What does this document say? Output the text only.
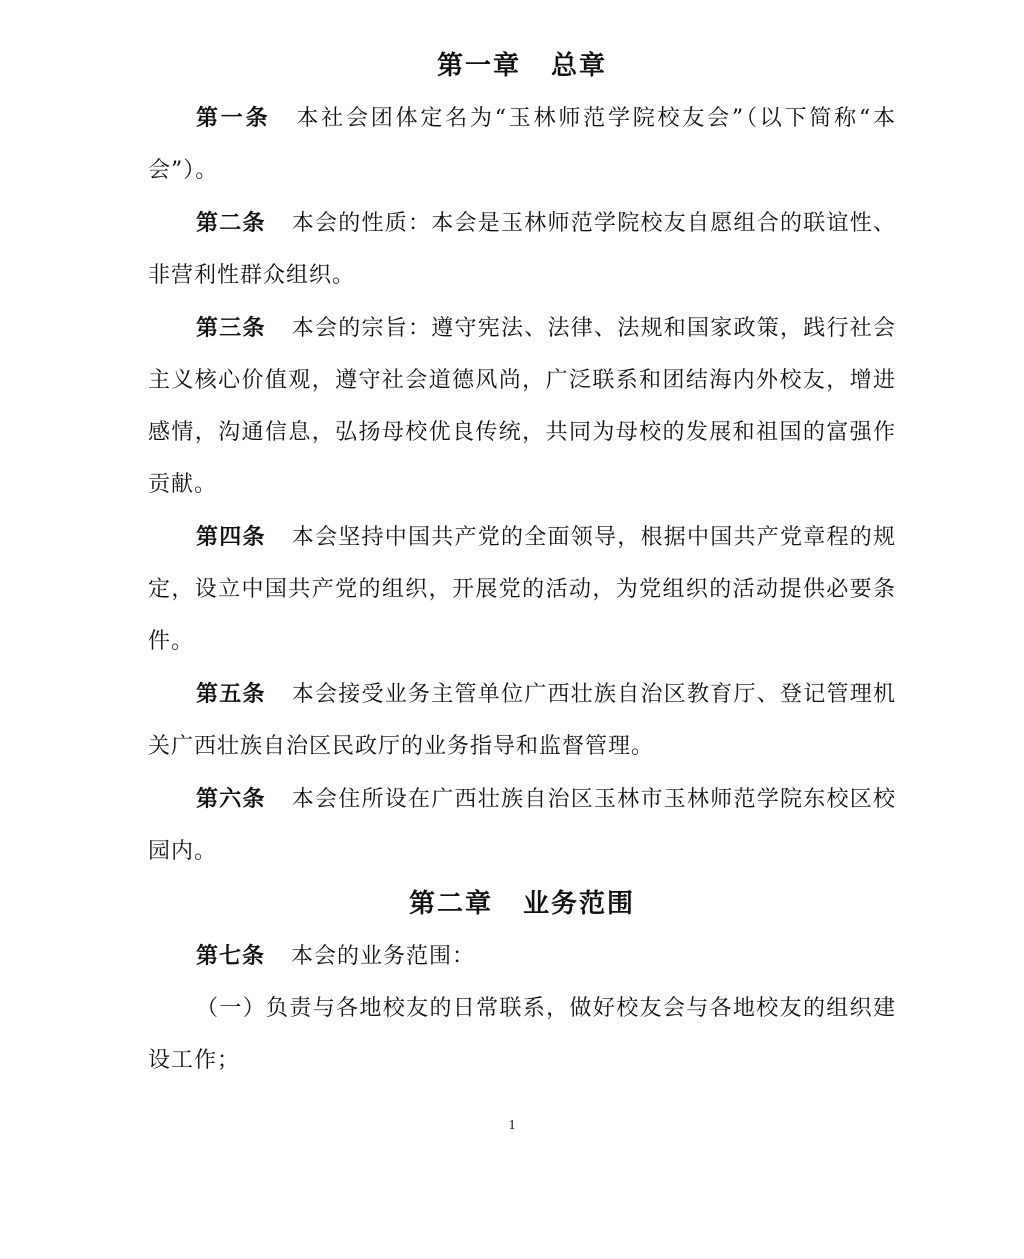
第一章 总章

第一条 本社会团体定名为“玉林师范学院校友会”（以下简称“本会”）。

第二条 本会的性质：本会是玉林师范学院校友自愿组合的联谊性、非营利性群众组织。

第三条 本会的宗旨：遵守宪法、法律、法规和国家政策，践行社会主义核心价值观，遵守社会道德风尚，广泛联系和团结海内外校友，增进感情，沟通信息，弘扬母校优良传统，共同为母校的发展和祖国的富强作贡献。

第四条 本会坚持中国共产党的全面领导，根据中国共产党章程的规定，设立中国共产党的组织，开展党的活动，为党组织的活动提供必要条件。

第五条 本会接受业务主管单位广西壮族自治区教育厅、登记管理机关广西壮族自治区民政厅的业务指导和监督管理。

第六条 本会住所设在广西壮族自治区玉林市玉林师范学院东校区校园内。

第二章 业务范围

第七条 本会的业务范围：

（一）负责与各地校友的日常联系，做好校友会与各地校友的组织建设工作；

1
